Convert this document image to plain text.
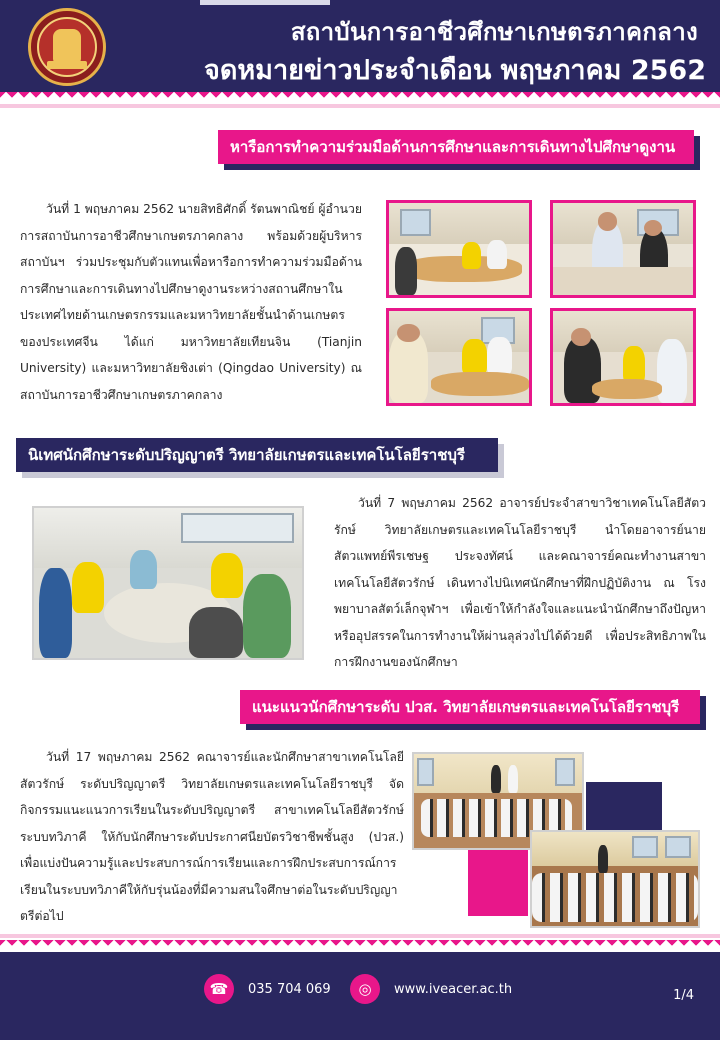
สถาบันการอาชีวศึกษาเกษตรภาคกลาง
จดหมายข่าวประจำเดือน พฤษภาคม 2562
หารือการทำความร่วมมือด้านการศึกษาและการเดินทางไปศึกษาดูงาน
วันที่ 1 พฤษภาคม 2562 นายสิทธิศักดิ์ รัตนพาณิชย์ ผู้อำนวยการสถาบันการอาชีวศึกษาเกษตรภาคกลาง พร้อมด้วยผู้บริหารสถาบันฯ ร่วมประชุมกับตัวแทนเพื่อหารือการทำความร่วมมือด้านการศึกษาและการเดินทางไปศึกษาดูงานระหว่างสถานศึกษาในประเทศไทยด้านเกษตรกรรมและมหาวิทยาลัยชั้นนำด้านเกษตรของประเทศจีน ได้แก่ มหาวิทยาลัยเทียนจิน (Tianjin University) และมหาวิทยาลัยชิงเต่า (Qingdao University) ณ สถาบันการอาชีวศึกษาเกษตรภาคกลาง
นิเทศนักศึกษาระดับปริญญาตรี วิทยาลัยเกษตรและเทคโนโลยีราชบุรี
วันที่ 7 พฤษภาคม 2562 อาจารย์ประจำสาขาวิชาเทคโนโลยีสัตวรักษ์ วิทยาลัยเกษตรและเทคโนโลยีราชบุรี นำโดยอาจารย์นายสัตวแพทย์พีรเชษฐ ประจงทัศน์ และคณาจารย์คณะทำงานสาขาเทคโนโลยีสัตวรักษ์ เดินทางไปนิเทศนักศึกษาที่ฝึกปฏิบัติงาน ณ โรงพยาบาลสัตว์เล็กจุฬาฯ เพื่อเข้าให้กำลังใจและแนะนำนักศึกษาถึงปัญหาหรืออุปสรรคในการทำงานให้ผ่านลุล่วงไปได้ด้วยดี เพื่อประสิทธิภาพในการฝึกงานของนักศึกษา
แนะแนวนักศึกษาระดับ ปวส. วิทยาลัยเกษตรและเทคโนโลยีราชบุรี
วันที่ 17 พฤษภาคม 2562 คณาจารย์และนักศึกษาสาขาเทคโนโลยีสัตวรักษ์ ระดับปริญญาตรี วิทยาลัยเกษตรและเทคโนโลยีราชบุรี จัดกิจกรรมแนะแนวการเรียนในระดับปริญญาตรี สาขาเทคโนโลยีสัตวรักษ์ ระบบทวิภาคี ให้กับนักศึกษาระดับประกาศนียบัตรวิชาชีพชั้นสูง (ปวส.) เพื่อแบ่งปันความรู้และประสบการณ์การเรียนและการฝึกประสบการณ์การเรียนในระบบทวิภาคีให้กับรุ่นน้องที่มีความสนใจศึกษาต่อในระดับปริญญาตรีต่อไป
☎	035 704 069	◎	www.iveacer.ac.th	1/4
